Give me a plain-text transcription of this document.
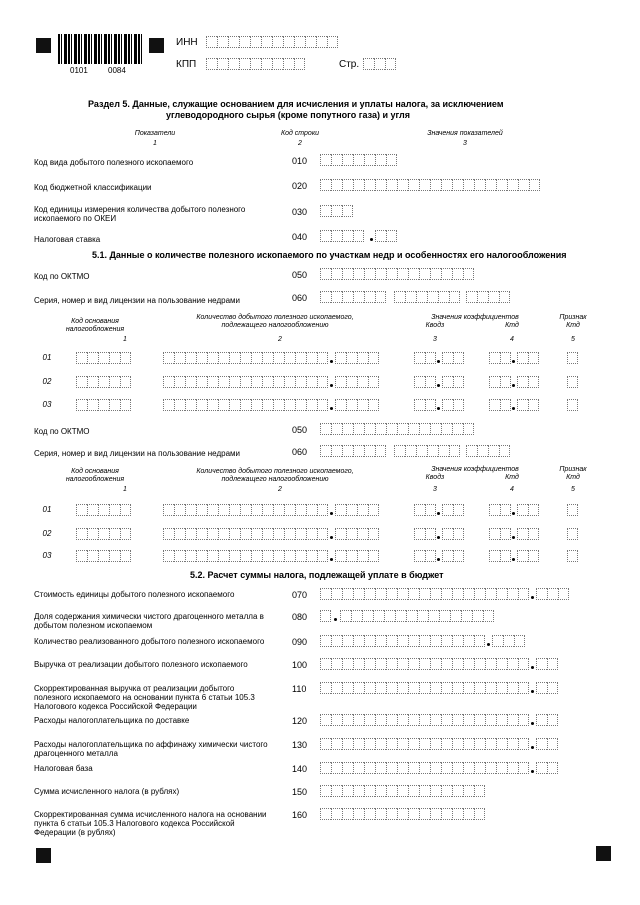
0101	0084
ИНН
КПП	Стр.
Раздел 5. Данные, служащие основанием для исчисления и уплаты налога, за исключением
углеводородного сырья (кроме попутного газа) и угля
Показатели	Код строки	Значения показателей
1	2	3
Код вида добытого полезного ископаемого	010
Код бюджетной классификации	020
Код единицы измерения количества добытого полезного ископаемого по ОКЕИ
030
Налоговая ставка	040
5.1. Данные о количестве полезного ископаемого по участкам недр и особенностях его налогообложения
Код по ОКТМО	050
Серия, номер и вид лицензии на пользование недрами	060
Код основания налогообложения
Количество добытого полезного ископаемого, подлежащего налогообложению
Значения коэффициентов
Кводз	Ктд
Признак Ктд
1	2	3	4	5
01
02
03
Код по ОКТМО	050
Серия, номер и вид лицензии на пользование недрами	060
Код основания налогообложения
Количество добытого полезного ископаемого, подлежащего налогообложению
Значения коэффициентов
Кводз	Ктд
Признак Ктд
1	2	3	4	5
01
02
03
5.2. Расчет суммы налога, подлежащей уплате в бюджет
Стоимость единицы добытого полезного ископаемого	070
Доля содержания химически чистого драгоценного металла в добытом полезном ископаемом
080
Количество реализованного добытого полезного ископаемого	090
Выручка от реализации добытого полезного ископаемого	100
Скорректированная выручка от реализации добытого полезного ископаемого на основании пункта 6 статьи 105.3 Налогового кодекса Российской Федерации
110
Расходы налогоплательщика по доставке	120
Расходы налогоплательщика по аффинажу химически чистого драгоценного металла
130
Налоговая база	140
Сумма исчисленного налога (в рублях)	150
Скорректированная сумма исчисленного налога на основании пункта 6 статьи 105.3 Налогового кодекса Российской Федерации (в рублях)
160
